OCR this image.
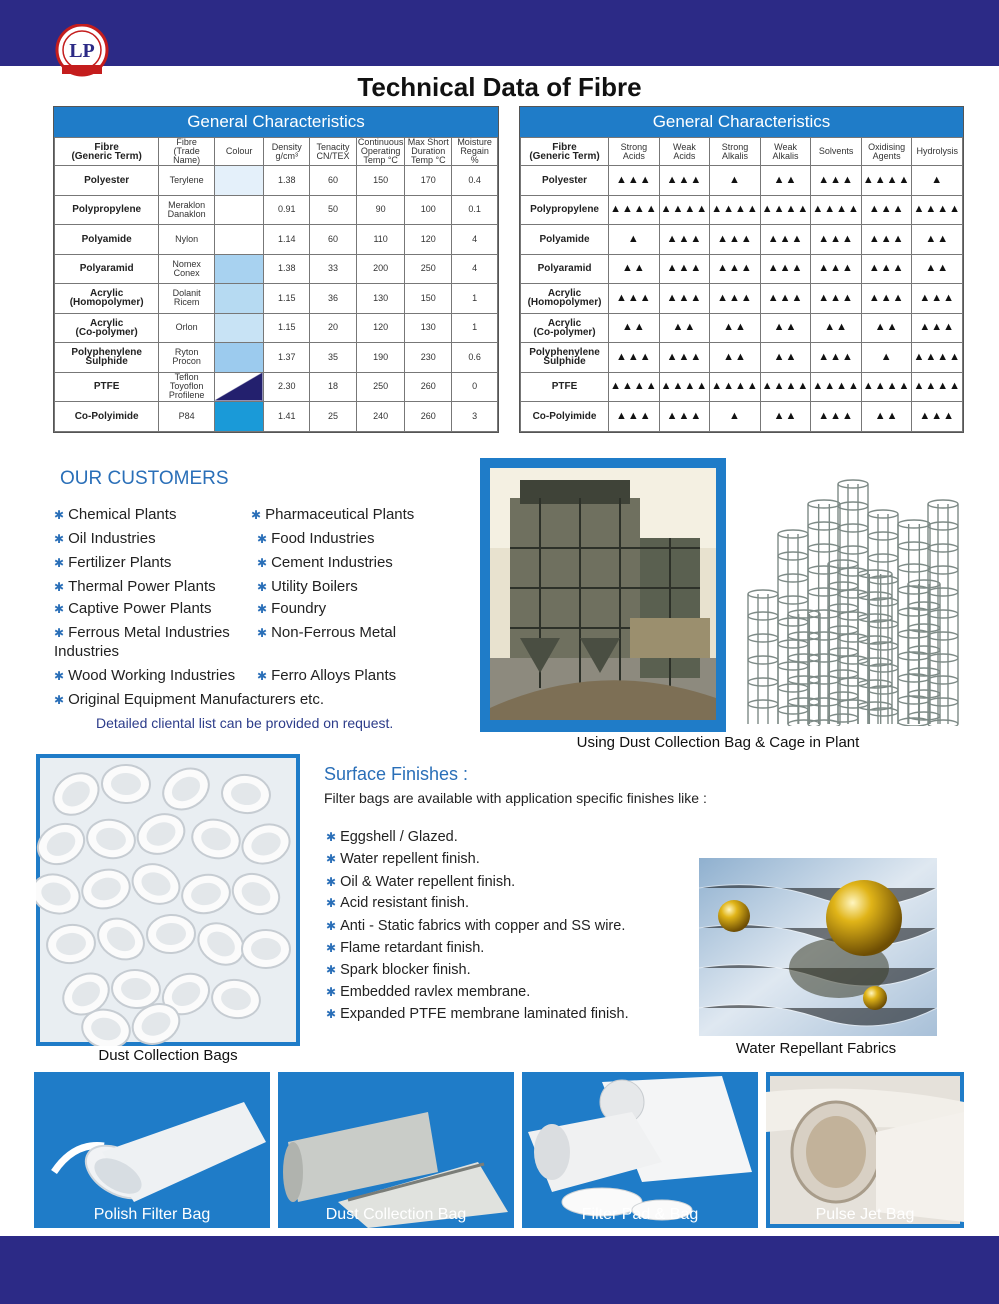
LP
Technical Data of Fibre
General Characteristics
Fibre
(Generic Term)	Fibre
(Trade Name)	Colour	Density
g/cm³	Tenacity
CN/TEX	Continuous
Operating
Temp °C	Max Short
Duration
Temp °C	Moisture
Regain
%
Polyester	Terylene		1.38	60	150	170	0.4
Polypropylene	Meraklon
Danaklon		0.91	50	90	100	0.1
Polyamide	Nylon		1.14	60	110	120	4
Polyaramid	Nomex
Conex		1.38	33	200	250	4
Acrylic
(Homopolymer)	Dolanit
Ricem		1.15	36	130	150	1
Acrylic
(Co-polymer)	Orlon		1.15	20	120	130	1
Polyphenylene
Sulphide	Ryton
Procon		1.37	35	190	230	0.6
PTFE	Teflon
Toyoflon
Profilene		2.30	18	250	260	0
Co-Polyimide	P84		1.41	25	240	260	3
General Characteristics
Fibre
(Generic Term)	Strong
Acids	Weak
Acids	Strong
Alkalis	Weak
Alkalis	Solvents	Oxidising
Agents	Hydrolysis
Polyester	▲▲▲	▲▲▲	▲	▲▲	▲▲▲	▲▲▲▲	▲
Polypropylene	▲▲▲▲	▲▲▲▲	▲▲▲▲	▲▲▲▲	▲▲▲▲	▲▲▲	▲▲▲▲
Polyamide	▲	▲▲▲	▲▲▲	▲▲▲	▲▲▲	▲▲▲	▲▲
Polyaramid	▲▲	▲▲▲	▲▲▲	▲▲▲	▲▲▲	▲▲▲	▲▲
Acrylic
(Homopolymer)	▲▲▲	▲▲▲	▲▲▲	▲▲▲	▲▲▲	▲▲▲	▲▲▲
Acrylic
(Co-polymer)	▲▲	▲▲	▲▲	▲▲	▲▲	▲▲	▲▲▲
Polyphenylene
Sulphide	▲▲▲	▲▲▲	▲▲	▲▲	▲▲▲	▲	▲▲▲▲
PTFE	▲▲▲▲	▲▲▲▲	▲▲▲▲	▲▲▲▲	▲▲▲▲	▲▲▲▲	▲▲▲▲
Co-Polyimide	▲▲▲	▲▲▲	▲	▲▲	▲▲▲	▲▲	▲▲▲
OUR CUSTOMERS
✱ Chemical Plants	✱ Pharmaceutical Plants
✱ Oil Industries	✱ Food Industries
✱ Fertilizer Plants	✱ Cement Industries
✱ Thermal Power Plants	✱ Utility Boilers
✱ Captive Power Plants	✱ Foundry
✱ Ferrous Metal Industries ✱ Non-Ferrous Metal
Industries
✱ Wood Working Industries ✱ Ferro Alloys Plants
✱ Original Equipment Manufacturers etc.
Detailed cliental list can be provided on request.
Using Dust Collection Bag & Cage in Plant
Dust Collection Bags
Surface Finishes :
Filter bags are available with application specific finishes like :
✱ Eggshell / Glazed.
✱ Water repellent finish.
✱ Oil & Water repellent finish.
✱ Acid resistant finish.
✱ Anti - Static fabrics with copper and SS wire.
✱ Flame retardant finish.
✱ Spark blocker finish.
✱ Embedded ravlex membrane.
✱ Expanded PTFE membrane laminated finish.
Water Repellant Fabrics
Polish Filter Bag	Dust Collection Bag	Filter Pad & Bag	Pulse Jet Bag
